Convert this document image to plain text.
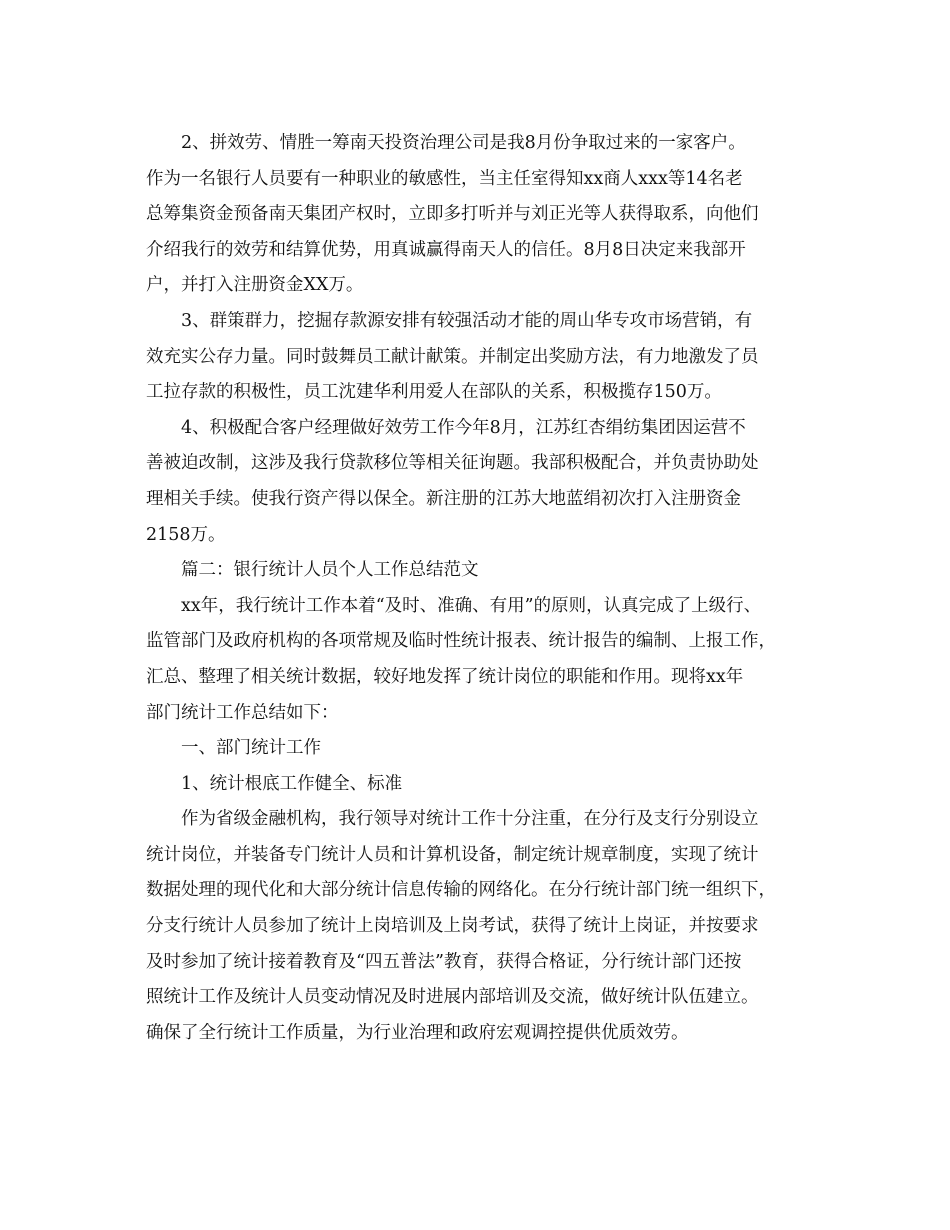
2、拼效劳、情胜一筹南天投资治理公司是我8月份争取过来的一家客户。
作为一名银行人员要有一种职业的敏感性，当主任室得知xx商人xxx等14名老
总筹集资金预备南天集团产权时，立即多打听并与刘正光等人获得取系，向他们
介绍我行的效劳和结算优势，用真诚赢得南天人的信任。8月8日决定来我部开
户，并打入注册资金XX万。
3、群策群力，挖掘存款源安排有较强活动才能的周山华专攻市场营销，有
效充实公存力量。同时鼓舞员工献计献策。并制定出奖励方法，有力地激发了员
工拉存款的积极性，员工沈建华利用爱人在部队的关系，积极揽存150万。
4、积极配合客户经理做好效劳工作今年8月，江苏红杏绢纺集团因运营不
善被迫改制，这涉及我行贷款移位等相关征询题。我部积极配合，并负责协助处
理相关手续。使我行资产得以保全。新注册的江苏大地蓝绢初次打入注册资金
2158万。
篇二：银行统计人员个人工作总结范文
xx年，我行统计工作本着“及时、准确、有用”的原则，认真完成了上级行、
监管部门及政府机构的各项常规及临时性统计报表、统计报告的编制、上报工作，
汇总、整理了相关统计数据，较好地发挥了统计岗位的职能和作用。现将xx年
部门统计工作总结如下：
一、部门统计工作
1、统计根底工作健全、标准
作为省级金融机构，我行领导对统计工作十分注重，在分行及支行分别设立
统计岗位，并装备专门统计人员和计算机设备，制定统计规章制度，实现了统计
数据处理的现代化和大部分统计信息传输的网络化。在分行统计部门统一组织下，
分支行统计人员参加了统计上岗培训及上岗考试，获得了统计上岗证，并按要求
及时参加了统计接着教育及“四五普法”教育，获得合格证，分行统计部门还按
照统计工作及统计人员变动情况及时进展内部培训及交流，做好统计队伍建立。
确保了全行统计工作质量，为行业治理和政府宏观调控提供优质效劳。
